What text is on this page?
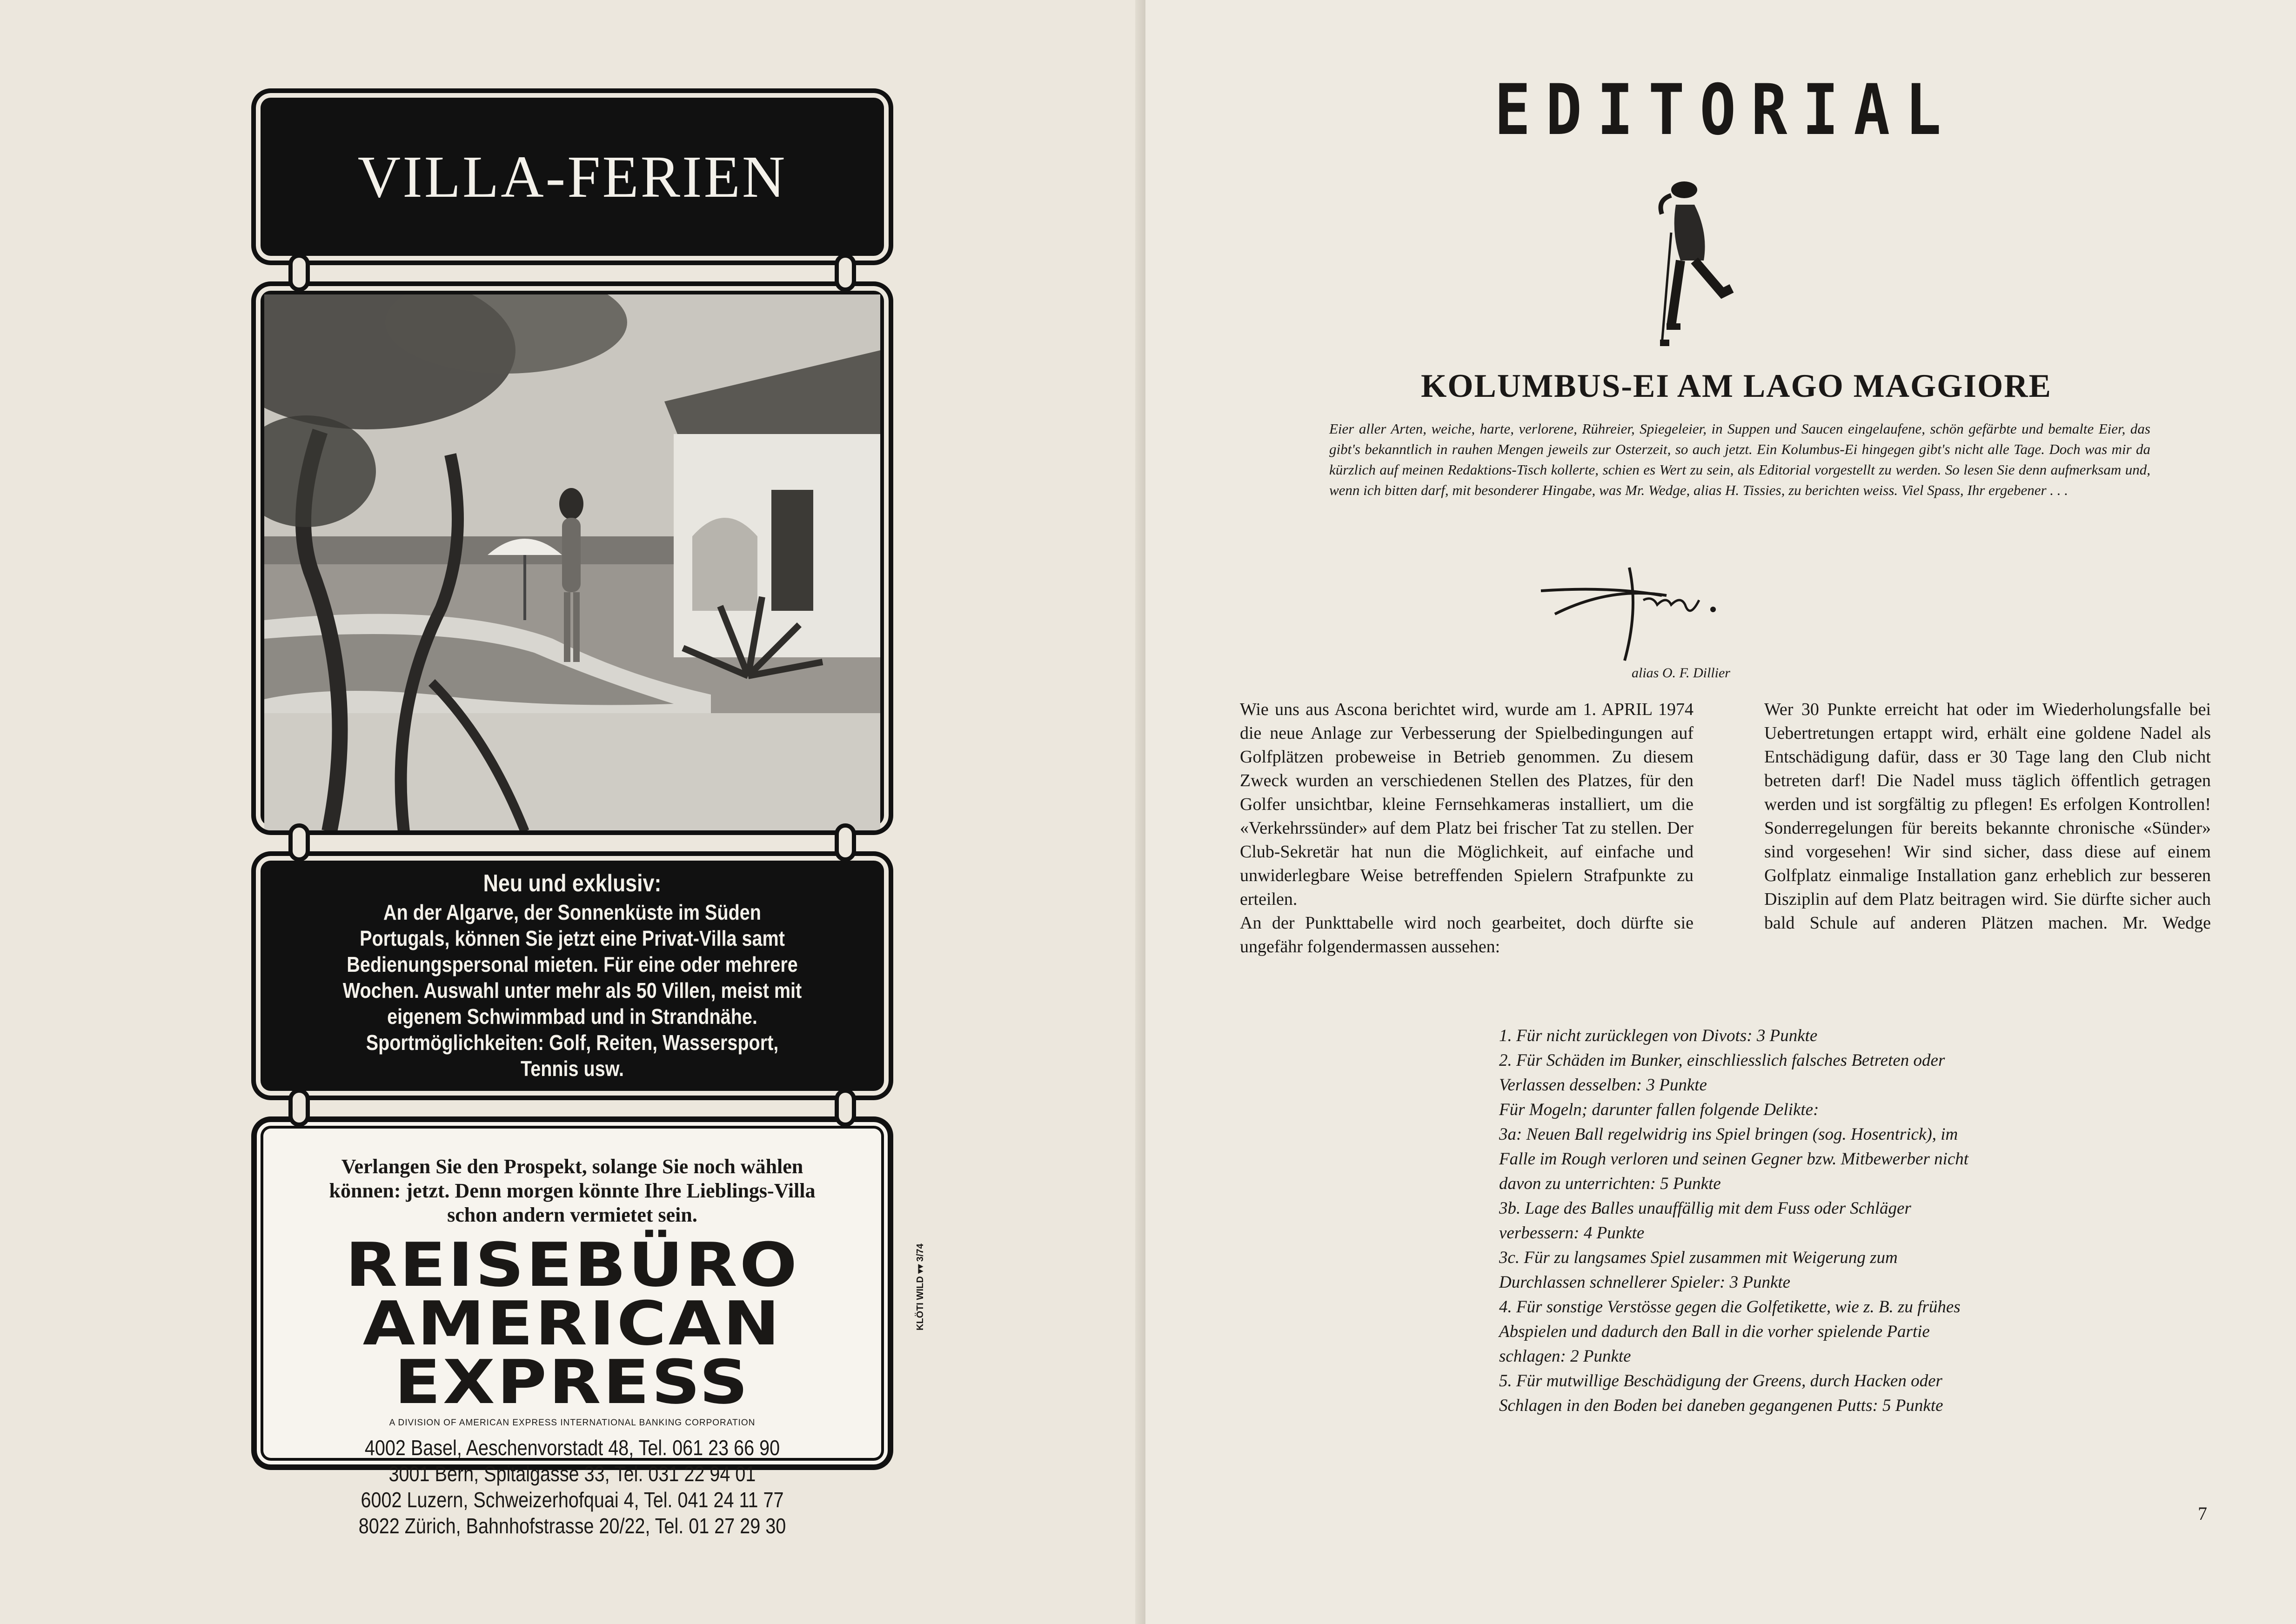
VILLA-FERIEN
Neu und exklusiv:
An der Algarve, der Sonnenküste im Süden Portugals, können Sie jetzt eine Privat-Villa samt Bedienungspersonal mieten. Für eine oder mehrere Wochen. Auswahl unter mehr als 50 Villen, meist mit eigenem Schwimmbad und in Strandnähe. Sportmöglichkeiten: Golf, Reiten, Wassersport, Tennis usw.
Verlangen Sie den Prospekt, solange Sie noch wählen können: jetzt. Denn morgen könnte Ihre Lieblings-Villa schon andern vermietet sein.
REISEBÜRO
AMERICAN
EXPRESS
A DIVISION OF AMERICAN EXPRESS INTERNATIONAL BANKING CORPORATION
4002 Basel, Aeschenvorstadt 48, Tel. 061 23 66 90
3001 Bern, Spitalgasse 33, Tel. 031 22 94 01
6002 Luzern, Schweizerhofquai 4, Tel. 041 24 11 77
8022 Zürich, Bahnhofstrasse 20/22, Tel. 01 27 29 30
KLÖTI WILD ▾▾ 3/74
EDITORIAL
KOLUMBUS-EI AM LAGO MAGGIORE

Eier aller Arten, weiche, harte, verlorene, Rühreier, Spiegeleier, in Suppen und Saucen eingelaufene, schön gefärbte und bemalte Eier, das gibt's bekanntlich in rauhen Mengen jeweils zur Osterzeit, so auch jetzt. Ein Kolumbus-Ei hingegen gibt's nicht alle Tage. Doch was mir da kürzlich auf meinen Redaktions-Tisch kollerte, schien es Wert zu sein, als Editorial vorgestellt zu werden. So lesen Sie denn aufmerksam und, wenn ich bitten darf, mit besonderer Hingabe, was Mr. Wedge, alias H. Tissies, zu berichten weiss. Viel Spass, Ihr ergebener . . .

alias O. F. Dillier

Wie uns aus Ascona berichtet wird, wurde am 1. APRIL 1974 die neue Anlage zur Verbesserung der Spielbedingungen auf Golfplätzen probeweise in Betrieb genommen. Zu diesem Zweck wurden an verschiedenen Stellen des Platzes, für den Golfer unsichtbar, kleine Fernsehkameras installiert, um die «Verkehrssünder» auf dem Platz bei frischer Tat zu stellen. Der Club-Sekretär hat nun die Möglichkeit, auf einfache und unwiderlegbare Weise betreffenden Spielern Strafpunkte zu erteilen.

An der Punkttabelle wird noch gearbeitet, doch dürfte sie ungefähr folgendermassen aussehen:

Wer 30 Punkte erreicht hat oder im Wiederholungsfalle bei Uebertretungen ertappt wird, erhält eine goldene Nadel als Entschädigung dafür, dass er 30 Tage lang den Club nicht betreten darf! Die Nadel muss täglich öffentlich getragen werden und ist sorgfältig zu pflegen! Es erfolgen Kontrollen! Sonderregelungen für bereits bekannte chronische «Sünder» sind vorgesehen! Wir sind sicher, dass diese auf einem Golfplatz einmalige Installation ganz erheblich zur besseren Disziplin auf dem Platz beitragen wird. Sie dürfte sicher auch bald Schule auf anderen Plätzen machen. Mr. Wedge

1. Für nicht zurücklegen von Divots: 3 Punkte
2. Für Schäden im Bunker, einschliesslich falsches Betreten oder Verlassen desselben: 3 Punkte
Für Mogeln; darunter fallen folgende Delikte:
3a: Neuen Ball regelwidrig ins Spiel bringen (sog. Hosentrick), im Falle im Rough verloren und seinen Gegner bzw. Mitbewerber nicht davon zu unterrichten: 5 Punkte
3b. Lage des Balles unauffällig mit dem Fuss oder Schläger verbessern: 4 Punkte
3c. Für zu langsames Spiel zusammen mit Weigerung zum Durchlassen schnellerer Spieler: 3 Punkte
4. Für sonstige Verstösse gegen die Golfetikette, wie z. B. zu frühes Abspielen und dadurch den Ball in die vorher spielende Partie schlagen: 2 Punkte
5. Für mutwillige Beschädigung der Greens, durch Hacken oder Schlagen in den Boden bei daneben gegangenen Putts: 5 Punkte
7
